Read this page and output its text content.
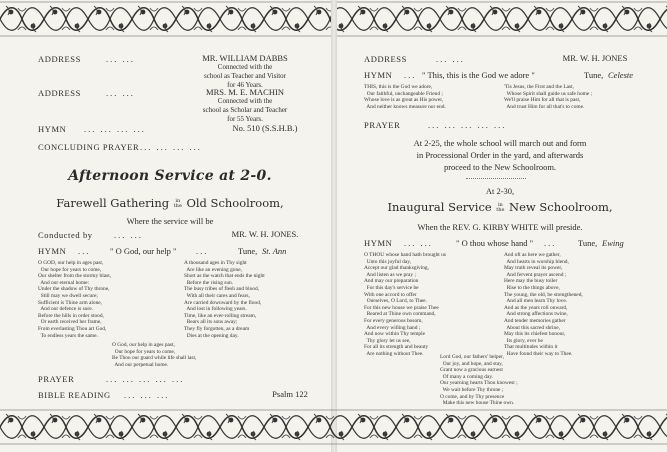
ADDRESS	... ...	MR. WILLIAM DABBS
Connected with the
school as Teacher and Visitor
for 46 Years.
ADDRESS	... ...	MRS. M. E. MACHIN
Connected with the
school as Scholar and Teacher
for 55 Years.
HYMN ... ... ... ...	No. 510 (S.S.H.B.)
CONCLUDING PRAYER ... ... ... ...
Afternoon Service at 2-0.
Farewell Gathering in the Old Schoolroom,
Where the service will be
Conducted by	... ...	MR. W. H. JONES.
HYMN ... " O God, our help " ...	Tune, St. Ann
O GOD, our help in ages past,
Our hope for years to come,
Our shelter from the stormy blast,
And our eternal home:
Under the shadow of Thy throne,
Still may we dwell secure;
Sufficient is Thine arm alone,
And our defence is sure.
Before the hills in order stood,
Or earth received her frame,
From everlasting Thou art God,
To endless years the same.
A thousand ages in Thy sight
Are like an evening gone,
Short as the watch that ends the night
Before the rising sun.
The busy tribes of flesh and blood,
With all their cares and fears,
Are carried downward by the flood,
And lost in following years.
Time, like an ever-rolling stream,
Bears all its sons away;
They fly forgotten, as a dream
Dies at the opening day.
O God, our help in ages past,
Our hope for years to come,
Be Thou our guard while life shall last,
And our perpetual home.
PRAYER	... ... ... ... ...
BIBLE READING ... ... ...	Psalm 122
ADDRESS	... ...	MR. W. H. JONES
HYMN ... " This, this is the God we adore "	Tune, Celeste
THIS, this is the God we adore,
Our faithful, unchangeable Friend ;
Whose love is as great as His power,
And neither knows measure nor end.
'Tis Jesus, the First and the Last,
Whose Spirit shall guide us safe home ;
We'll praise Him for all that is past,
And trust Him for all that's to come.
PRAYER	... ... ... ... ...
At 2-25, the whole school will march out and form
in Processional Order in the yard, and afterwards
proceed to the New Schoolroom.
At 2-30,
Inaugural Service in the New Schoolroom,
When the REV. G. KIRBY WHITE will preside.
HYMN ... ...	" O thou whose hand " ...	Tune, Ewing
O THOU whose hand hath brought us
Unto this joyful day,
Accept our glad thanksgiving,
And listen as we pray ;
And may our preparation
For this day's service be
With one accord to offer
Ourselves, O Lord, to Thee.
For this new house we praise Thee
Reared at Thine own command,
For every generous bosom,
And every willing hand ;
And now within Thy temple
Thy glory let us see,
For all its strength and beauty
Are nothing without Thee.
And oft as here we gather,
And hearts in worship blend,
May truth reveal its power,
And fervent prayer ascend ;
Here may the busy toiler
Rise to the things above,
The young, the old, be strengthened,
And all men learn Thy love.
And as the years roll onward,
And strong affections twine,
And tender memories gather
About this sacred shrine,
May this its chiefest honour,
Its glory, ever be
That multitudes within it
Have found their way to Thee.
Lord God, our fathers' helper,
Our joy, and hope, and stay,
Grant now a gracious earnest
Of many a coming day.
Our yearning hearts Thou knowest ;
We wait before Thy throne ;
O come, and by Thy presence
Make this new house Thine own.
